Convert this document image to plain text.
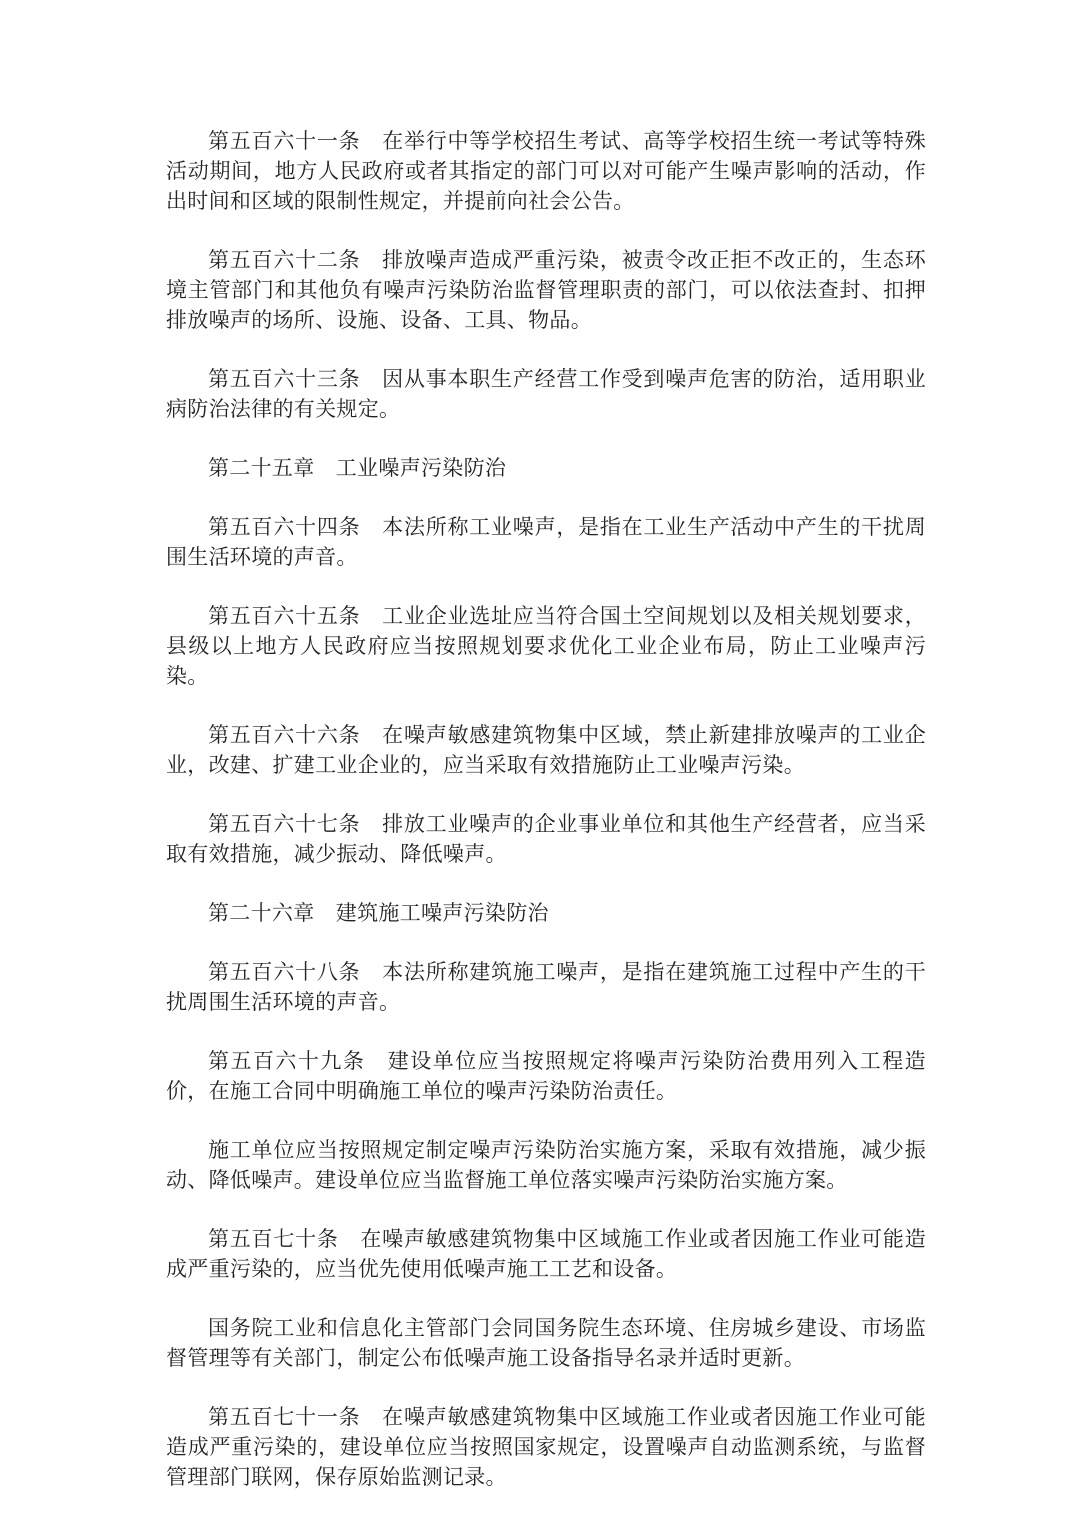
第五百六十一条　在举行中等学校招生考试、高等学校招生统一考试等特殊活动期间，地方人民政府或者其指定的部门可以对可能产生噪声影响的活动，作出时间和区域的限制性规定，并提前向社会公告。

第五百六十二条　排放噪声造成严重污染，被责令改正拒不改正的，生态环境主管部门和其他负有噪声污染防治监督管理职责的部门，可以依法查封、扣押排放噪声的场所、设施、设备、工具、物品。

第五百六十三条　因从事本职生产经营工作受到噪声危害的防治，适用职业病防治法律的有关规定。

第二十五章　工业噪声污染防治

第五百六十四条　本法所称工业噪声，是指在工业生产活动中产生的干扰周围生活环境的声音。

第五百六十五条　工业企业选址应当符合国土空间规划以及相关规划要求，县级以上地方人民政府应当按照规划要求优化工业企业布局，防止工业噪声污染。

第五百六十六条　在噪声敏感建筑物集中区域，禁止新建排放噪声的工业企业，改建、扩建工业企业的，应当采取有效措施防止工业噪声污染。

第五百六十七条　排放工业噪声的企业事业单位和其他生产经营者，应当采取有效措施，减少振动、降低噪声。

第二十六章　建筑施工噪声污染防治

第五百六十八条　本法所称建筑施工噪声，是指在建筑施工过程中产生的干扰周围生活环境的声音。

第五百六十九条　建设单位应当按照规定将噪声污染防治费用列入工程造价，在施工合同中明确施工单位的噪声污染防治责任。

施工单位应当按照规定制定噪声污染防治实施方案，采取有效措施，减少振动、降低噪声。建设单位应当监督施工单位落实噪声污染防治实施方案。

第五百七十条　在噪声敏感建筑物集中区域施工作业或者因施工作业可能造成严重污染的，应当优先使用低噪声施工工艺和设备。

国务院工业和信息化主管部门会同国务院生态环境、住房城乡建设、市场监督管理等有关部门，制定公布低噪声施工设备指导名录并适时更新。

第五百七十一条　在噪声敏感建筑物集中区域施工作业或者因施工作业可能造成严重污染的，建设单位应当按照国家规定，设置噪声自动监测系统，与监督管理部门联网，保存原始监测记录。
